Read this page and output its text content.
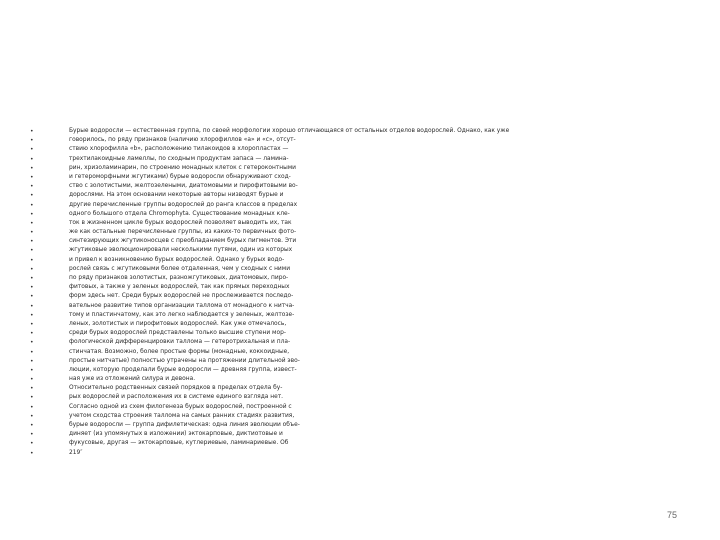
•	Бурые водоросли — естественная группа, по своей морфологии хорошо отличающаяся от остальных отделов водорослей. Однако, как уже
•	говорилось, по ряду признаков (наличию хлорофиллов «а» и «с», отсут-
•	ствию хлорофилла «b», расположению тилакоидов в хлоропластах —
•	трехтилакоидные ламеллы, по сходным продуктам запаса — ламина-
•	рин, хризоламинарин, по строению монадных клеток с гетероконтными
•	и гетероморфными жгутиками) бурые водоросли обнаруживают сход-
•	ство с золотистыми, желтозелеными, диатомовыми и пирофитовыми во-
•	дорослями. На этом основании некоторые авторы низводят бурые и
•	другие перечисленные группы водорослей до ранга классов в пределах
•	одного большого отдела Chromophyta. Существование монадных кле-
•	ток в жизненном цикле бурых водорослей позволяет выводить их, так
•	же как остальные перечисленные группы, из каких-то первичных фото-
•	синтезирующих жгутиконосцев с преобладанием бурых пигментов. Эти
•	жгутиковые эволюционировали несколькими путями, один из которых
•	и привел к возникновению бурых водорослей. Однако у бурых водо-
•	рослей связь с жгутиковыми более отдаленная, чем у сходных с ними
•	по ряду признаков золотистых, разножгутиковых, диатомовых, пиро-
•	фитовых, а также у зеленых водорослей, так как прямых переходных
•	форм здесь нет. Среди бурых водорослей не прослеживается последо-
•	вательное развитие типов организации таллома от монадного к нитча-
•	тому и пластинчатому, как это легко наблюдается у зеленых, желтозе-
•	леных, золотистых и пирофитовых водорослей. Как уже отмечалось,
•	среди бурых водорослей представлены только высшие ступени мор-
•	фологической дифференцировки таллома — гетеротрихальная и пла-
•	стинчатая. Возможно, более простые формы (монадные, коккоидные,
•	простые нитчатые) полностью утрачены на протяжении длительной эво-
•	люции, которую проделали бурые водоросли — древняя группа, извест-
•	ная уже из отложений силура и девона.
•	Относительно родственных связей порядков в пределах отдела бу-
•	рых водорослей и расположения их в системе единого взгляда нет.
•	Согласно одной из схем филогенеза бурых водорослей, построенной с
•	учетом сходства строения таллома на самых ранних стадиях развития,
•	бурые водоросли — группа дифилетическая: одна линия эволюции объе-
•	диняет (из упомянутых в изложении) эктокарповые, диктиотовые и
•	фукусовые, другая — эктокарповые, кутлериевые, ламинариевые. Об
•	219″
75
